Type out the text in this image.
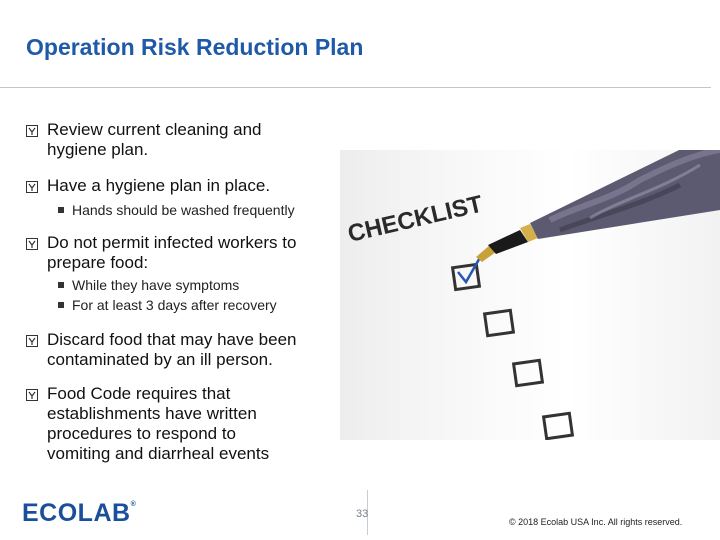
Operation Risk Reduction Plan
CHECKLIST
Review current cleaning and
hygiene plan.
Have a hygiene plan in place.
Hands should be washed frequently
Do not permit infected workers to
prepare food:
While they have symptoms
For at least 3 days after recovery
Discard food that may have been
contaminated by an ill person.
Food Code requires that
establishments have written
procedures to respond to
vomiting and diarrheal events
ECOLAB®
33
© 2018 Ecolab USA Inc. All rights reserved.
